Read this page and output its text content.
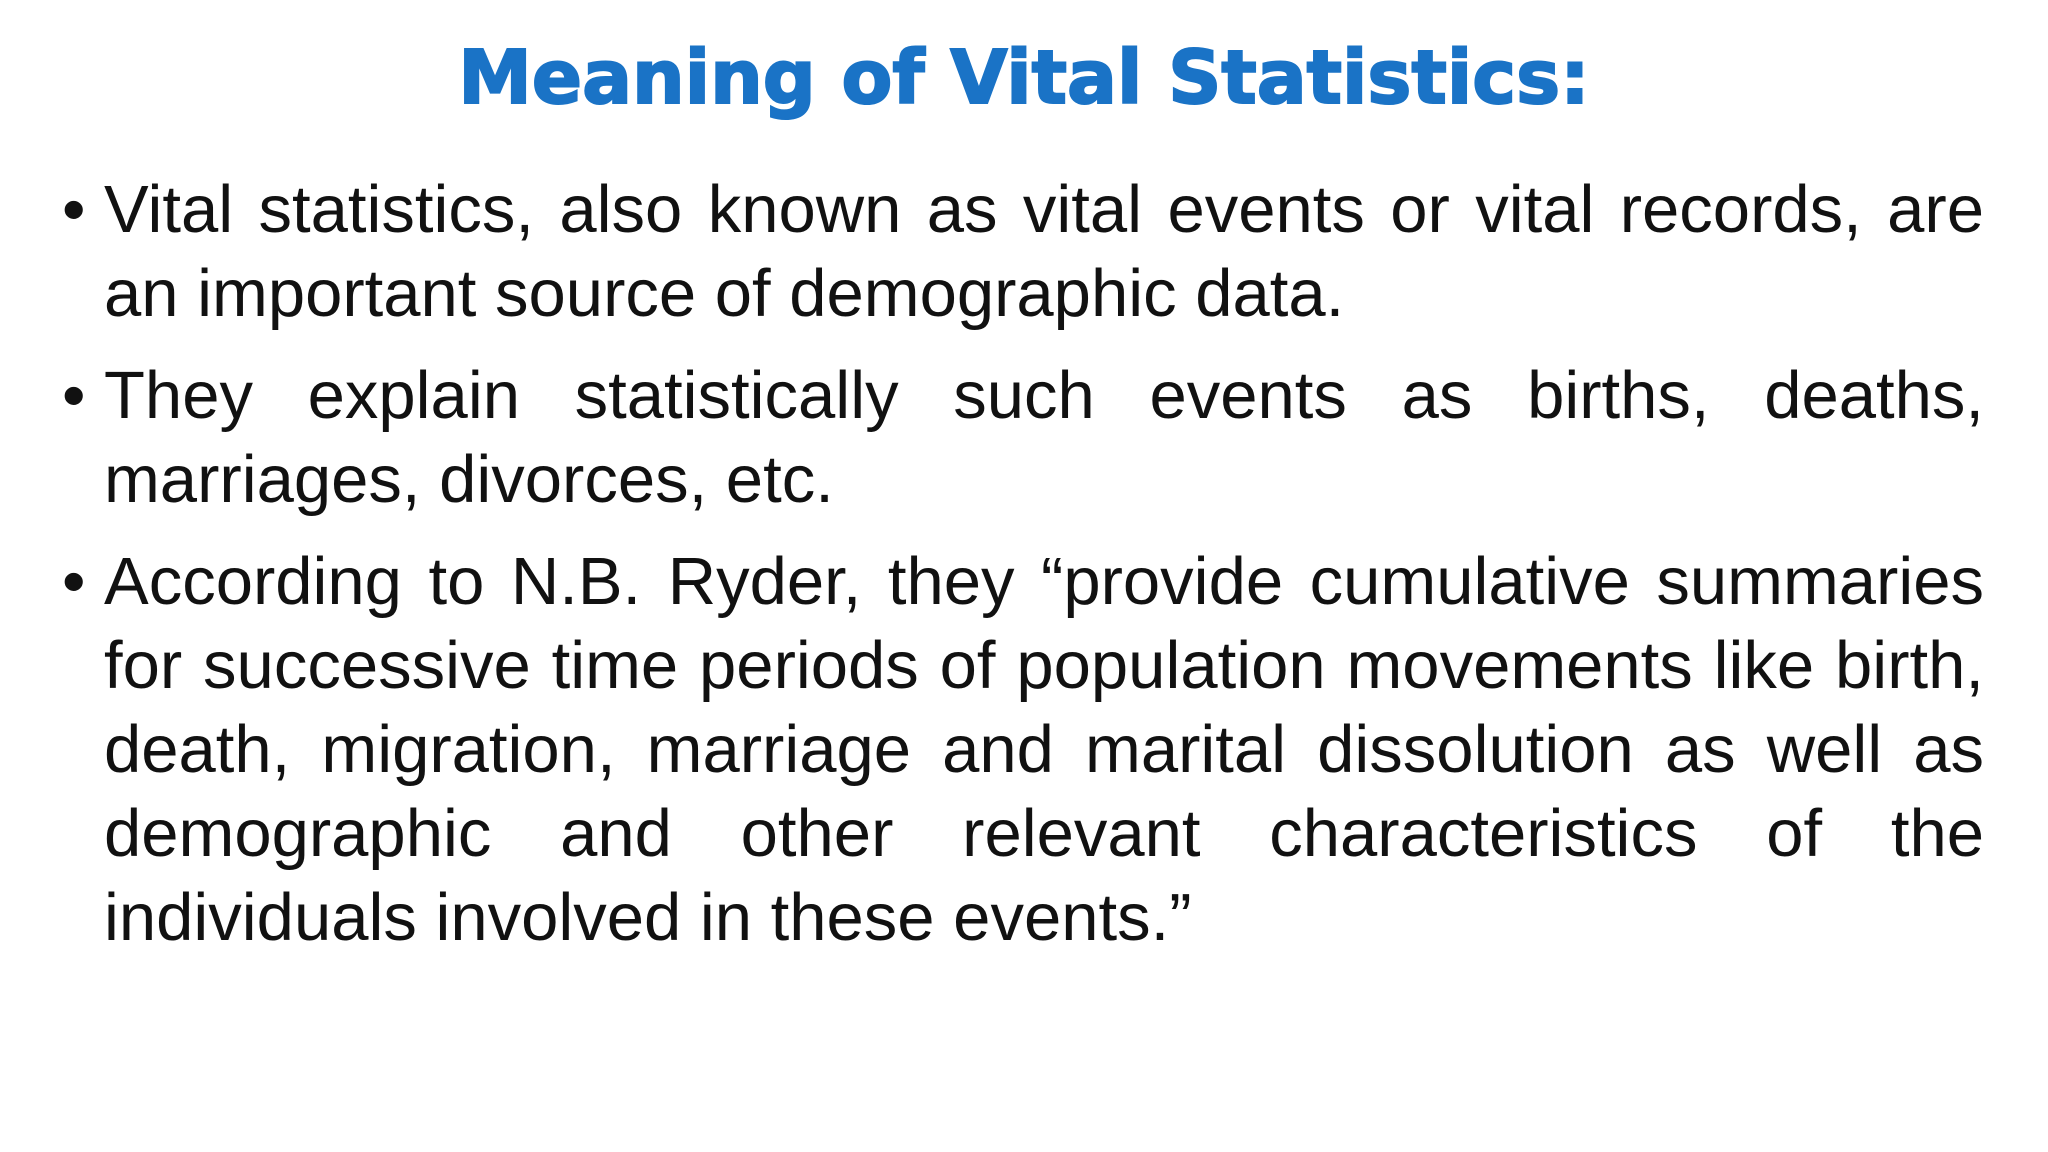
Meaning of Vital Statistics:
• Vital statistics, also known as vital events or vital records, are an important source of demographic data.
• They explain statistically such events as births, deaths, marriages, divorces, etc.
• According to N.B. Ryder, they “provide cumulative summaries for successive time periods of population movements like birth, death, migration, marriage and marital dissolution as well as demographic and other relevant characteristics of the individuals involved in these events.”
